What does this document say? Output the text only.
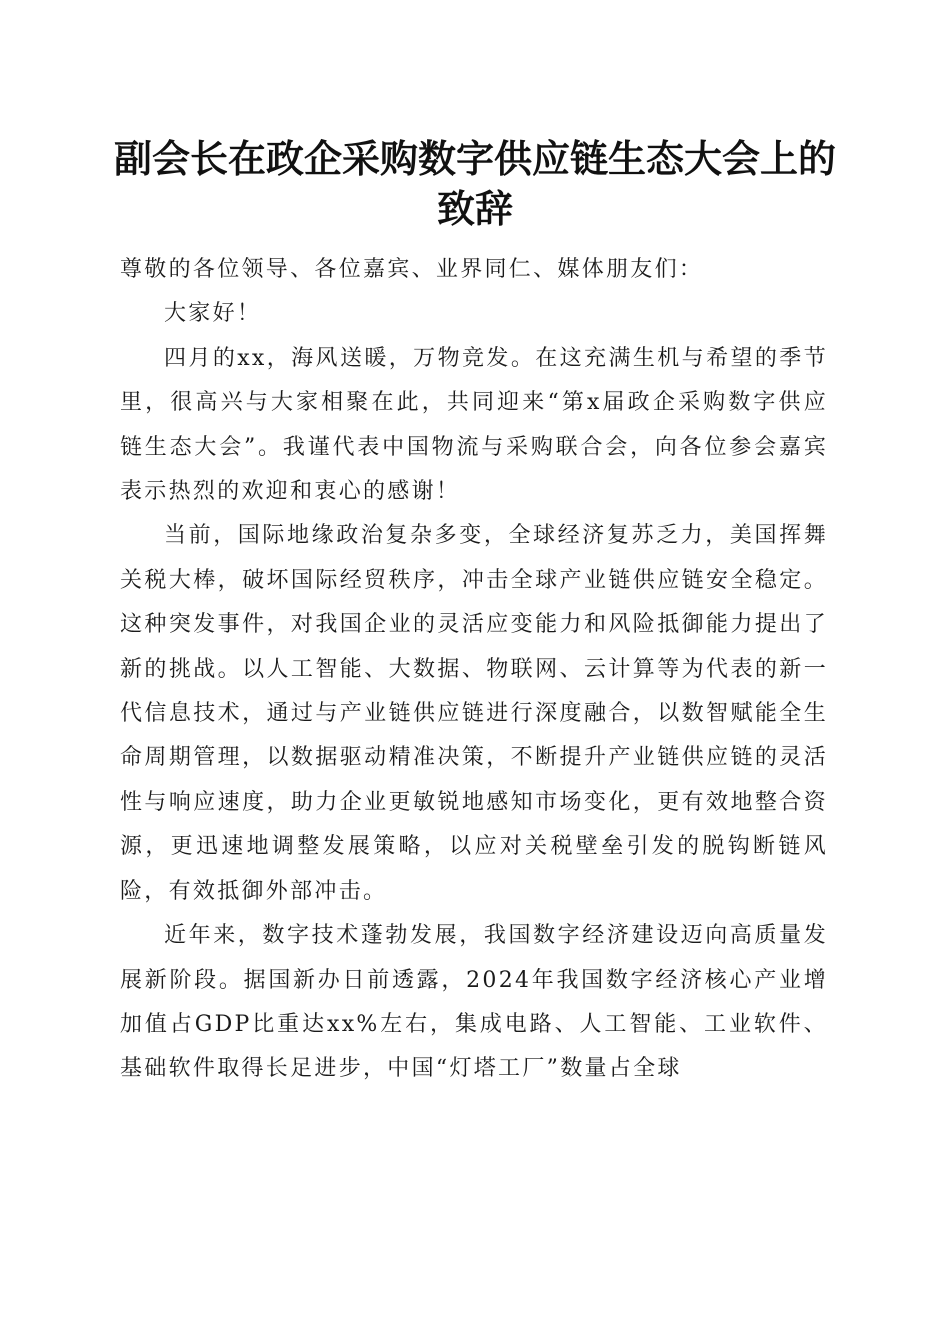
副会长在政企采购数字供应链生态大会上的致辞

尊敬的各位领导、各位嘉宾、业界同仁、媒体朋友们：

大家好！

四月的xx，海风送暖，万物竞发。在这充满生机与希望的季节里，很高兴与大家相聚在此，共同迎来“第x届政企采购数字供应链生态大会”。我谨代表中国物流与采购联合会，向各位参会嘉宾表示热烈的欢迎和衷心的感谢！

当前，国际地缘政治复杂多变，全球经济复苏乏力，美国挥舞关税大棒，破坏国际经贸秩序，冲击全球产业链供应链安全稳定。这种突发事件，对我国企业的灵活应变能力和风险抵御能力提出了新的挑战。以人工智能、大数据、物联网、云计算等为代表的新一代信息技术，通过与产业链供应链进行深度融合，以数智赋能全生命周期管理，以数据驱动精准决策，不断提升产业链供应链的灵活性与响应速度，助力企业更敏锐地感知市场变化，更有效地整合资源，更迅速地调整发展策略，以应对关税壁垒引发的脱钩断链风险，有效抵御外部冲击。

近年来，数字技术蓬勃发展，我国数字经济建设迈向高质量发展新阶段。据国新办日前透露，2024年我国数字经济核心产业增加值占GDP比重达xx%左右，集成电路、人工智能、工业软件、基础软件取得长足进步，中国“灯塔工厂”数量占全球
